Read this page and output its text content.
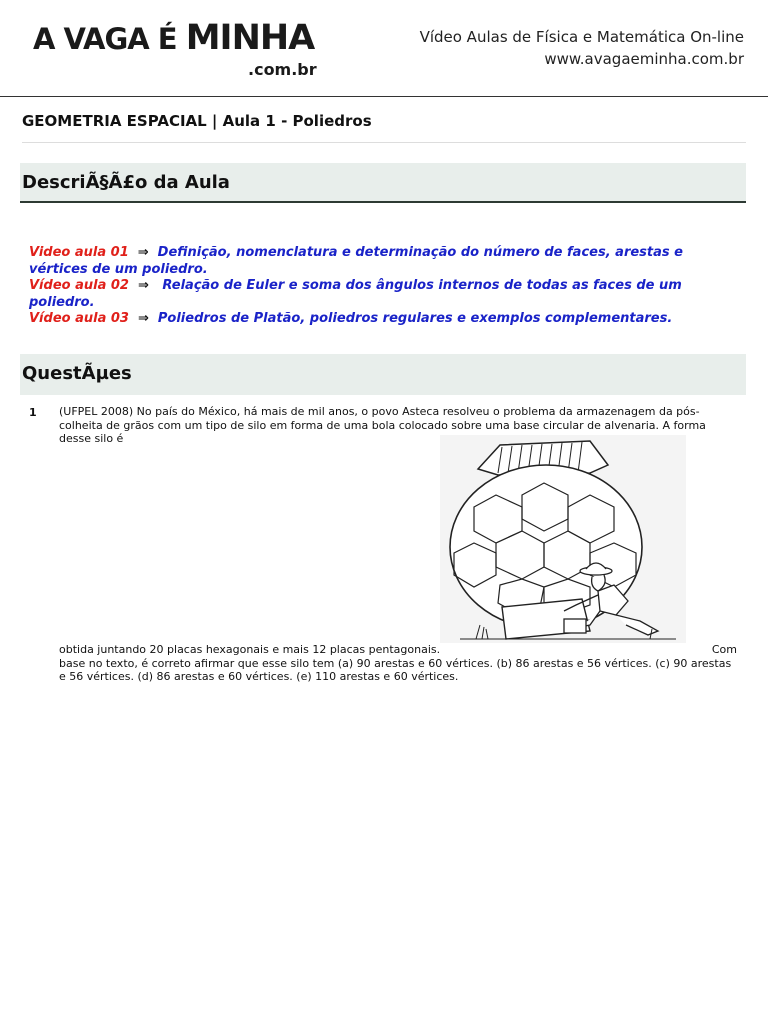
A VAGA É MINHA
.com.br
Vídeo Aulas de Física e Matemática On-line
www.avagaeminha.com.br
GEOMETRIA ESPACIAL | Aula 1 - Poliedros
DescriÃ§Ã£o da Aula
Video aula 01 ⇒ Definição, nomenclatura e determinação do número de faces, arestas e vértices de um poliedro.
Vídeo aula 02 ⇒ Relação de Euler e soma dos ângulos internos de todas as faces de um poliedro.
Vídeo aula 03 ⇒ Poliedros de Platão, poliedros regulares e exemplos complementares.
QuestÃµes
1 (UFPEL 2008) No país do México, há mais de mil anos, o povo Asteca resolveu o problema da armazenagem da pós-colheita de grãos com um tipo de silo em forma de uma bola colocado sobre uma base circular de alvenaria. A forma desse silo é
obtida juntando 20 placas hexagonais e mais 12 placas pentagonais.	Com
base no texto, é correto afirmar que esse silo tem (a) 90 arestas e 60 vértices. (b) 86 arestas e 56 vértices. (c) 90 arestas e 56 vértices. (d) 86 arestas e 60 vértices. (e) 110 arestas e 60 vértices.
